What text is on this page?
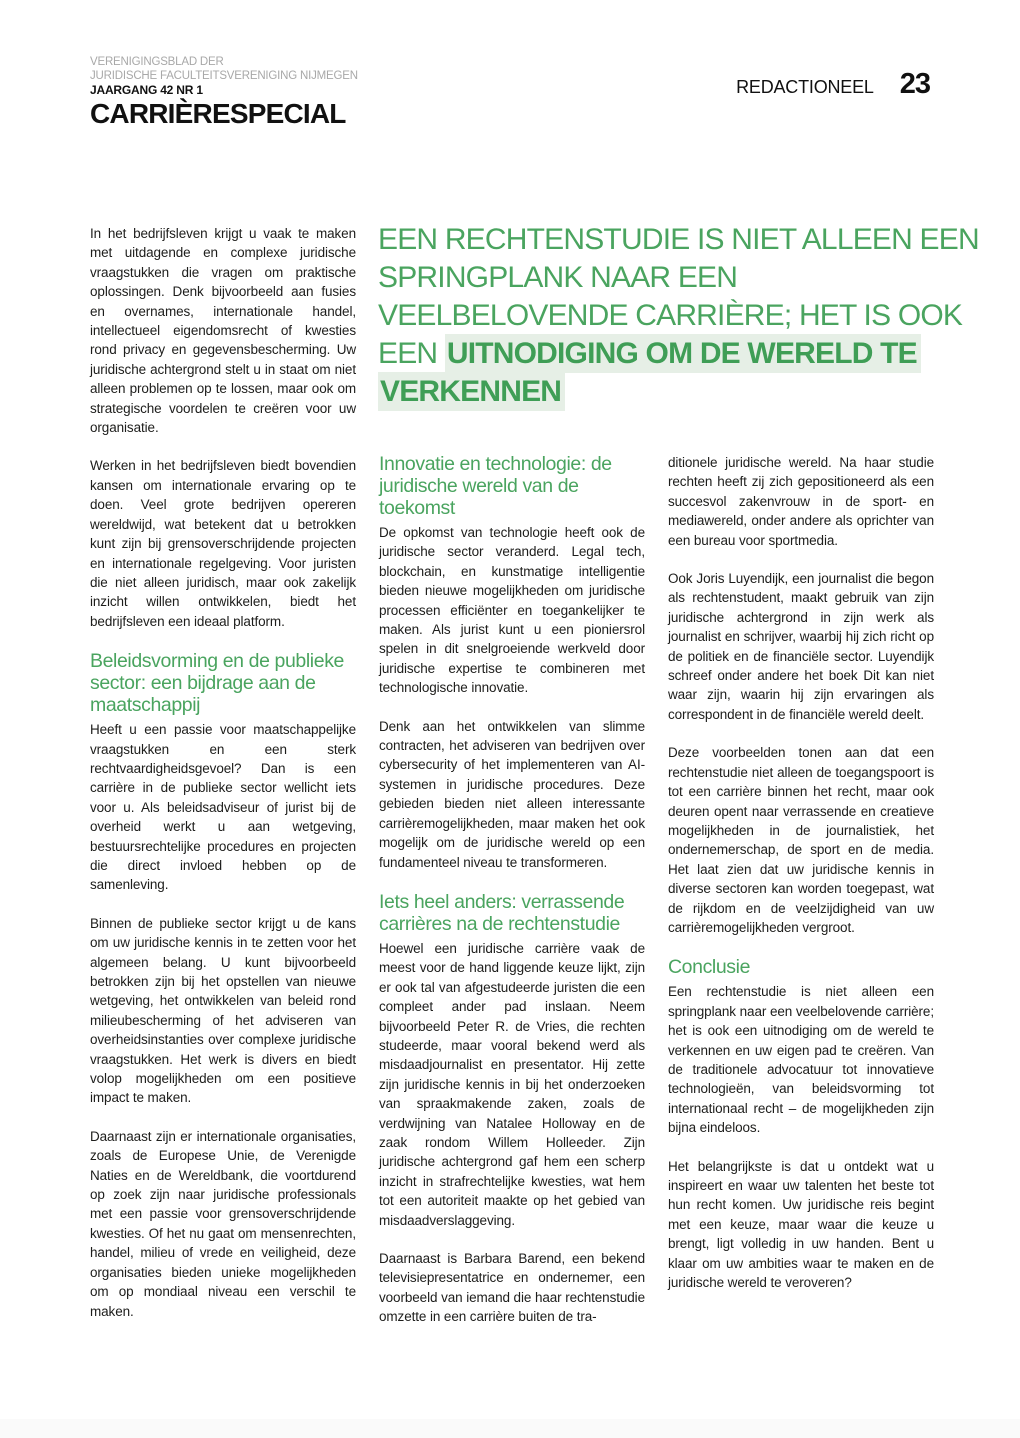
VERENIGINGSBLAD DER
JURIDISCHE FACULTEITSVERENIGING NIJMEGEN
JAARGANG 42 NR 1
CARRIÈRESPECIAL
REDACTIONEEL 23
EEN RECHTENSTUDIE IS NIET ALLEEN EEN SPRINGPLANK NAAR EEN VEELBELOVENDE CARRIÈRE; HET IS OOK EEN UITNODIGING OM DE WERELD TE VERKENNEN

In het bedrijfsleven krijgt u vaak te maken met uitdagende en complexe juridische vraagstukken die vragen om praktische oplossingen. Denk bijvoorbeeld aan fusies en overnames, internationale handel, intellectueel eigendomsrecht of kwesties rond privacy en gegevensbescherming. Uw juridische achtergrond stelt u in staat om niet alleen problemen op te lossen, maar ook om strategische voordelen te creëren voor uw organisatie.

Werken in het bedrijfsleven biedt bovendien kansen om internationale ervaring op te doen. Veel grote bedrijven opereren wereldwijd, wat betekent dat u betrokken kunt zijn bij grensoverschrijdende projecten en internationale regelgeving. Voor juristen die niet alleen juridisch, maar ook zakelijk inzicht willen ontwikkelen, biedt het bedrijfsleven een ideaal platform.

Beleidsvorming en de publieke sector: een bijdrage aan de maatschappij

Heeft u een passie voor maatschappelijke vraagstukken en een sterk rechtvaardigheidsgevoel? Dan is een carrière in de publieke sector wellicht iets voor u. Als beleidsadviseur of jurist bij de overheid werkt u aan wetgeving, bestuursrechtelijke procedures en projecten die direct invloed hebben op de samenleving.

Binnen de publieke sector krijgt u de kans om uw juridische kennis in te zetten voor het algemeen belang. U kunt bijvoorbeeld betrokken zijn bij het opstellen van nieuwe wetgeving, het ontwikkelen van beleid rond milieubescherming of het adviseren van overheidsinstanties over complexe juridische vraagstukken. Het werk is divers en biedt volop mogelijkheden om een positieve impact te maken.

Daarnaast zijn er internationale organisaties, zoals de Europese Unie, de Verenigde Naties en de Wereldbank, die voortdurend op zoek zijn naar juridische professionals met een passie voor grensoverschrijdende kwesties. Of het nu gaat om mensenrechten, handel, milieu of vrede en veiligheid, deze organisaties bieden unieke mogelijkheden om op mondiaal niveau een verschil te maken.

Innovatie en technologie: de juridische wereld van de toekomst

De opkomst van technologie heeft ook de juridische sector veranderd. Legal tech, blockchain, en kunstmatige intelligentie bieden nieuwe mogelijkheden om juridische processen efficiënter en toegankelijker te maken. Als jurist kunt u een pioniersrol spelen in dit snelgroeiende werkveld door juridische expertise te combineren met technologische innovatie.

Denk aan het ontwikkelen van slimme contracten, het adviseren van bedrijven over cybersecurity of het implementeren van AI-systemen in juridische procedures. Deze gebieden bieden niet alleen interessante carrièremogelijkheden, maar maken het ook mogelijk om de juridische wereld op een fundamenteel niveau te transformeren.

Iets heel anders: verrassende carrières na de rechtenstudie

Hoewel een juridische carrière vaak de meest voor de hand liggende keuze lijkt, zijn er ook tal van afgestudeerde juristen die een compleet ander pad inslaan. Neem bijvoorbeeld Peter R. de Vries, die rechten studeerde, maar vooral bekend werd als misdaadjournalist en presentator. Hij zette zijn juridische kennis in bij het onderzoeken van spraakmakende zaken, zoals de verdwijning van Natalee Holloway en de zaak rondom Willem Holleeder. Zijn juridische achtergrond gaf hem een scherp inzicht in strafrechtelijke kwesties, wat hem tot een autoriteit maakte op het gebied van misdaadverslaggeving.

Daarnaast is Barbara Barend, een bekend televisiepresentatrice en ondernemer, een voorbeeld van iemand die haar rechtenstudie omzette in een carrière buiten de tra-

ditionele juridische wereld. Na haar studie rechten heeft zij zich gepositioneerd als een succesvol zakenvrouw in de sport- en mediawereld, onder andere als oprichter van een bureau voor sportmedia.

Ook Joris Luyendijk, een journalist die begon als rechtenstudent, maakt gebruik van zijn juridische achtergrond in zijn werk als journalist en schrijver, waarbij hij zich richt op de politiek en de financiële sector. Luyendijk schreef onder andere het boek Dit kan niet waar zijn, waarin hij zijn ervaringen als correspondent in de financiële wereld deelt.

Deze voorbeelden tonen aan dat een rechtenstudie niet alleen de toegangspoort is tot een carrière binnen het recht, maar ook deuren opent naar verrassende en creatieve mogelijkheden in de journalistiek, het ondernemerschap, de sport en de media. Het laat zien dat uw juridische kennis in diverse sectoren kan worden toegepast, wat de rijkdom en de veelzijdigheid van uw carrièremogelijkheden vergroot.

Conclusie

Een rechtenstudie is niet alleen een springplank naar een veelbelovende carrière; het is ook een uitnodiging om de wereld te verkennen en uw eigen pad te creëren. Van de traditionele advocatuur tot innovatieve technologieën, van beleidsvorming tot internationaal recht – de mogelijkheden zijn bijna eindeloos.

Het belangrijkste is dat u ontdekt wat u inspireert en waar uw talenten het beste tot hun recht komen. Uw juridische reis begint met een keuze, maar waar die keuze u brengt, ligt volledig in uw handen. Bent u klaar om uw ambities waar te maken en de juridische wereld te veroveren?
